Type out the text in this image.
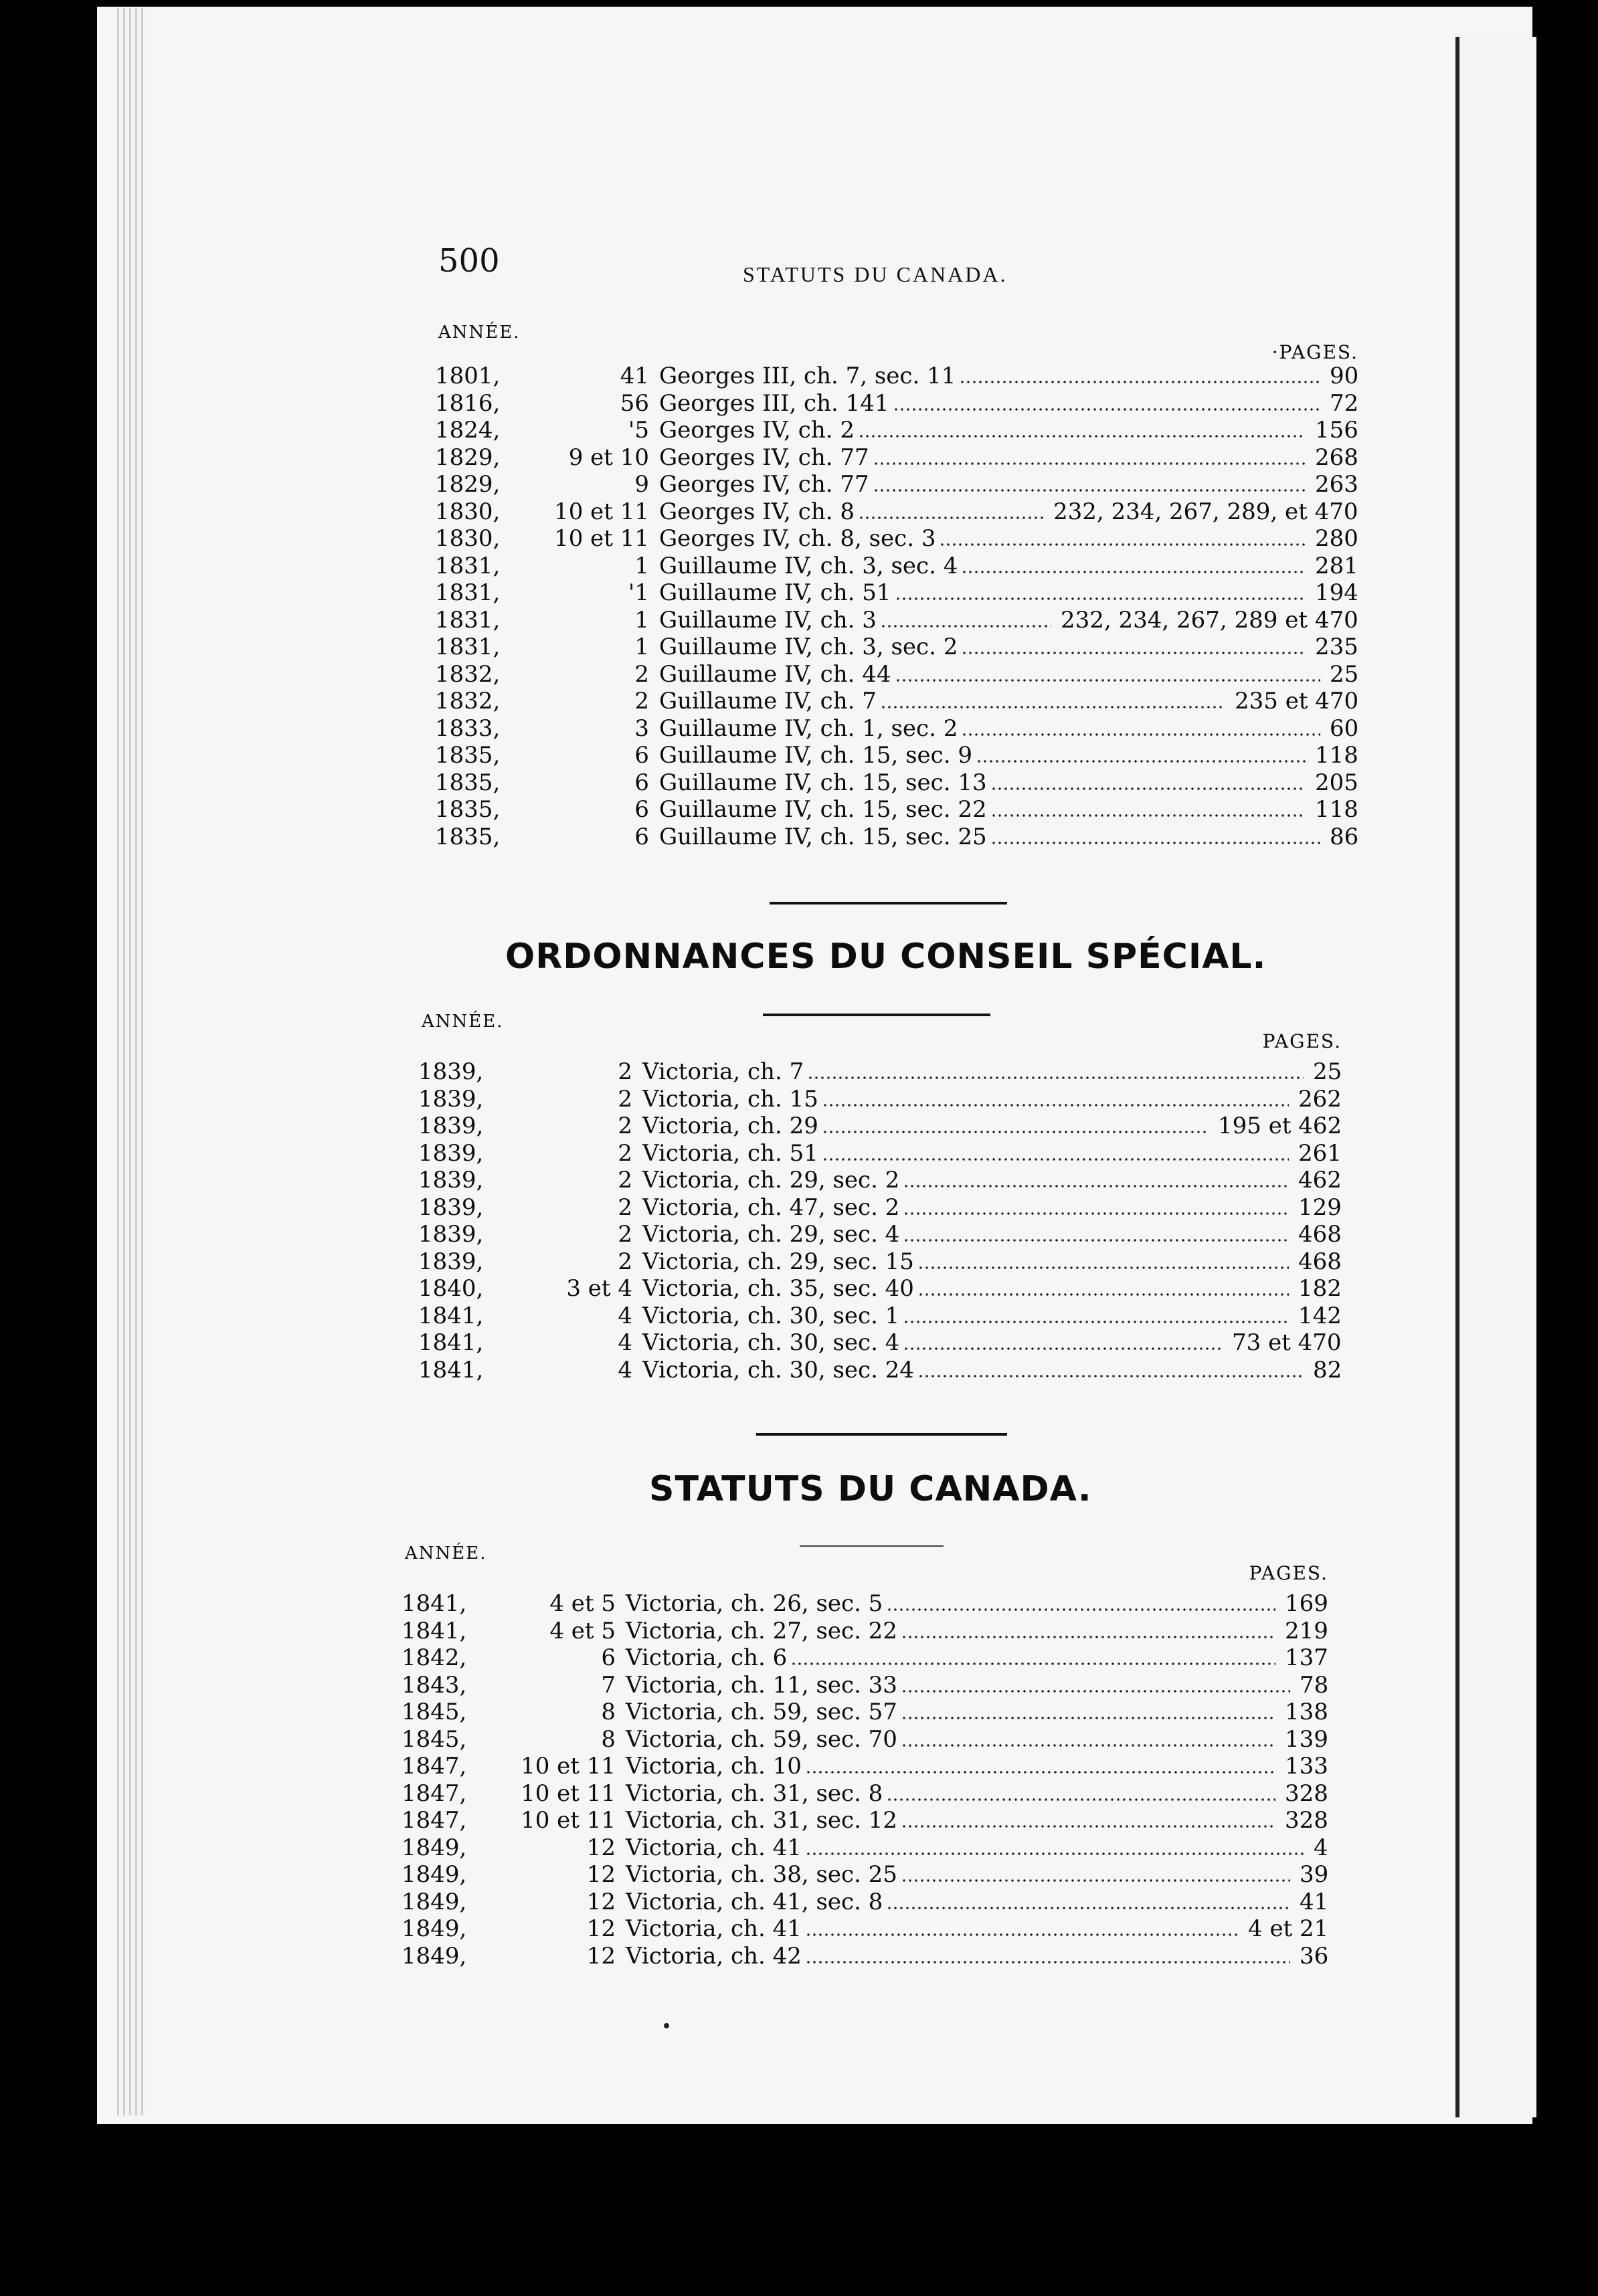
500	STATUTS DU CANADA.
ANNÉE.
·PAGES.
1801,	41 Georges III, ch. 7, sec. 11	90
1816,	56 Georges III, ch. 141	72
1824,	'5 Georges IV, ch. 2	156
1829,	9 et 10 Georges IV, ch. 77	268
1829,	9 Georges IV, ch. 77	263
1830,	10 et 11 Georges IV, ch. 8	232, 234, 267, 289, et 470
1830,	10 et 11 Georges IV, ch. 8, sec. 3	280
1831,	1 Guillaume IV, ch. 3, sec. 4	281
1831,	'1 Guillaume IV, ch. 51	194
1831,	1 Guillaume IV, ch. 3	232, 234, 267, 289 et 470
1831,	1 Guillaume IV, ch. 3, sec. 2	235
1832,	2 Guillaume IV, ch. 44	25
1832,	2 Guillaume IV, ch. 7	235 et 470
1833,	3 Guillaume IV, ch. 1, sec. 2	60
1835,	6 Guillaume IV, ch. 15, sec. 9	118
1835,	6 Guillaume IV, ch. 15, sec. 13	205
1835,	6 Guillaume IV, ch. 15, sec. 22	118
1835,	6 Guillaume IV, ch. 15, sec. 25	86
ORDONNANCES DU CONSEIL SPÉCIAL.
ANNÉE.
PAGES.
1839,	2 Victoria, ch. 7	25
1839,	2 Victoria, ch. 15	262
1839,	2 Victoria, ch. 29	195 et 462
1839,	2 Victoria, ch. 51	261
1839,	2 Victoria, ch. 29, sec. 2	462
1839,	2 Victoria, ch. 47, sec. 2	129
1839,	2 Victoria, ch. 29, sec. 4	468
1839,	2 Victoria, ch. 29, sec. 15	468
1840,	3 et 4 Victoria, ch. 35, sec. 40	182
1841,	4 Victoria, ch. 30, sec. 1	142
1841,	4 Victoria, ch. 30, sec. 4	73 et 470
1841,	4 Victoria, ch. 30, sec. 24	82
STATUTS DU CANADA.
ANNÉE.
PAGES.
1841,	4 et 5 Victoria, ch. 26, sec. 5	169
1841,	4 et 5 Victoria, ch. 27, sec. 22	219
1842,	6 Victoria, ch. 6	137
1843,	7 Victoria, ch. 11, sec. 33	78
1845,	8 Victoria, ch. 59, sec. 57	138
1845,	8 Victoria, ch. 59, sec. 70	139
1847,	10 et 11 Victoria, ch. 10	133
1847,	10 et 11 Victoria, ch. 31, sec. 8	328
1847,	10 et 11 Victoria, ch. 31, sec. 12	328
1849,	12 Victoria, ch. 41	4
1849,	12 Victoria, ch. 38, sec. 25	39
1849,	12 Victoria, ch. 41, sec. 8	41
1849,	12 Victoria, ch. 41	4 et 21
1849,	12 Victoria, ch. 42	36
